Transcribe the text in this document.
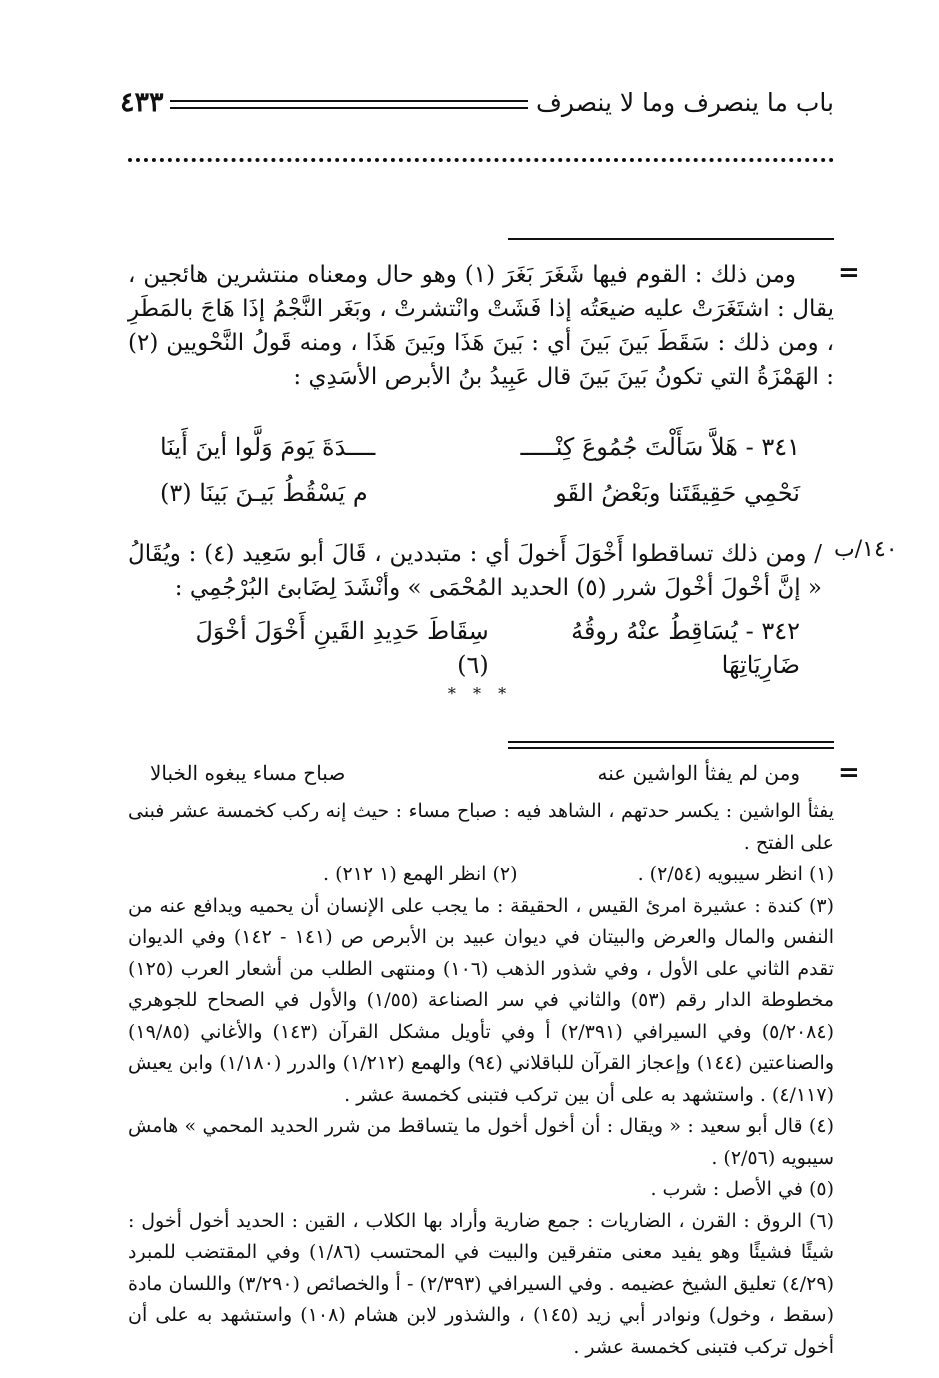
باب ما ينصرف وما لا ينصرف
٤٣٣
=

ومن ذلك : القوم فيها شَغَرَ بَغَرَ (١) وهو حال ومعناه منتشرين هائجين ، يقال : اشتَغَرَتْ عليه ضيعَتُه إذا فَشَتْ وانْتشرتْ ، وبَغَر النَّجْمُ إذَا هَاجَ بالمَطَرِ ، ومن ذلك : سَقَطَ بَينَ بَينَ أي : بَينَ هَذَا وبَينَ هَذَا ، ومنه قَولُ النَّحْويين (٢) : الهَمْزَةُ التي تكونُ بَينَ بَينَ قال عَبِيدُ بنُ الأبرص الأسَدِي :

٣٤١ - هَلاَّ سَأَلْتَ جُمُوعَ كِنْـــــ
ــــدَةَ يَومَ وَلَّوا أينَ أَينَا
نَحْمِي حَقِيقَتَنا وبَعْضُ القَو
م يَسْقُطُ بَيـنَ بَينَا (٣)
١٤٠/ب

/ ومن ذلك تساقطوا أَخْوَلَ أَخولَ أي : متبددين ، قَالَ أبو سَعِيد (٤) : ويُقَالُ « إنَّ أخْولَ أخْولَ شرر (٥) الحديد المُحْمَى » وأنْشَدَ لِضَابئ البُرْجُمِي :

٣٤٢ - يُسَاقِطُ عنْهُ روقُهُ ضَارِيَاتِهَا
سِقَاطَ حَدِيدِ القَينِ أَخْوَلَ أخْوَلَ (٦)
* * *
=
ومن لم يفثأ الواشين عنه
صباح مساء يبغوه الخبالا

يفثأ الواشين : يكسر حدتهم ، الشاهد فيه : صباح مساء : حيث إنه ركب كخمسة عشر فبنى على الفتح .

(١) انظر سيبويه (٢/٥٤) .
(٢) انظر الهمع (١ ٢١٢) .

(٣) كندة : عشيرة امرئ القيس ، الحقيقة : ما يجب على الإنسان أن يحميه ويدافع عنه من النفس والمال والعرض والبيتان في ديوان عبيد بن الأبرص ص (١٤١ - ١٤٢) وفي الديوان تقدم الثاني على الأول ، وفي شذور الذهب (١٠٦) ومنتهى الطلب من أشعار العرب (١٢٥) مخطوطة الدار رقم (٥٣) والثاني في سر الصناعة (١/٥٥) والأول في الصحاح للجوهري (٥/٢٠٨٤) وفي السيرافي (٢/٣٩١) أ وفي تأويل مشكل القرآن (١٤٣) والأغاني (١٩/٨٥) والصناعتين (١٤٤) وإعجاز القرآن للباقلاني (٩٤) والهمع (١/٢١٢) والدرر (١/١٨٠) وابن يعيش (٤/١١٧) . واستشهد به على أن بين تركب فتبنى كخمسة عشر .

(٤) قال أبو سعيد : « ويقال : أن أخول أخول ما يتساقط من شرر الحديد المحمي » هامش سيبويه (٢/٥٦) .

(٥) في الأصل : شرب .

(٦) الروق : القرن ، الضاريات : جمع ضارية وأراد بها الكلاب ، القين : الحديد أخول أخول : شيئًا فشيئًا وهو يفيد معنى متفرقين والبيت في المحتسب (١/٨٦) وفي المقتضب للمبرد (٤/٢٩) تعليق الشيخ عضيمه . وفي السيرافي (٢/٣٩٣) - أ والخصائص (٣/٢٩٠) واللسان مادة (سقط ، وخول) ونوادر أبي زيد (١٤٥) ، والشذور لابن هشام (١٠٨) واستشهد به على أن أخول تركب فتبنى كخمسة عشر .
